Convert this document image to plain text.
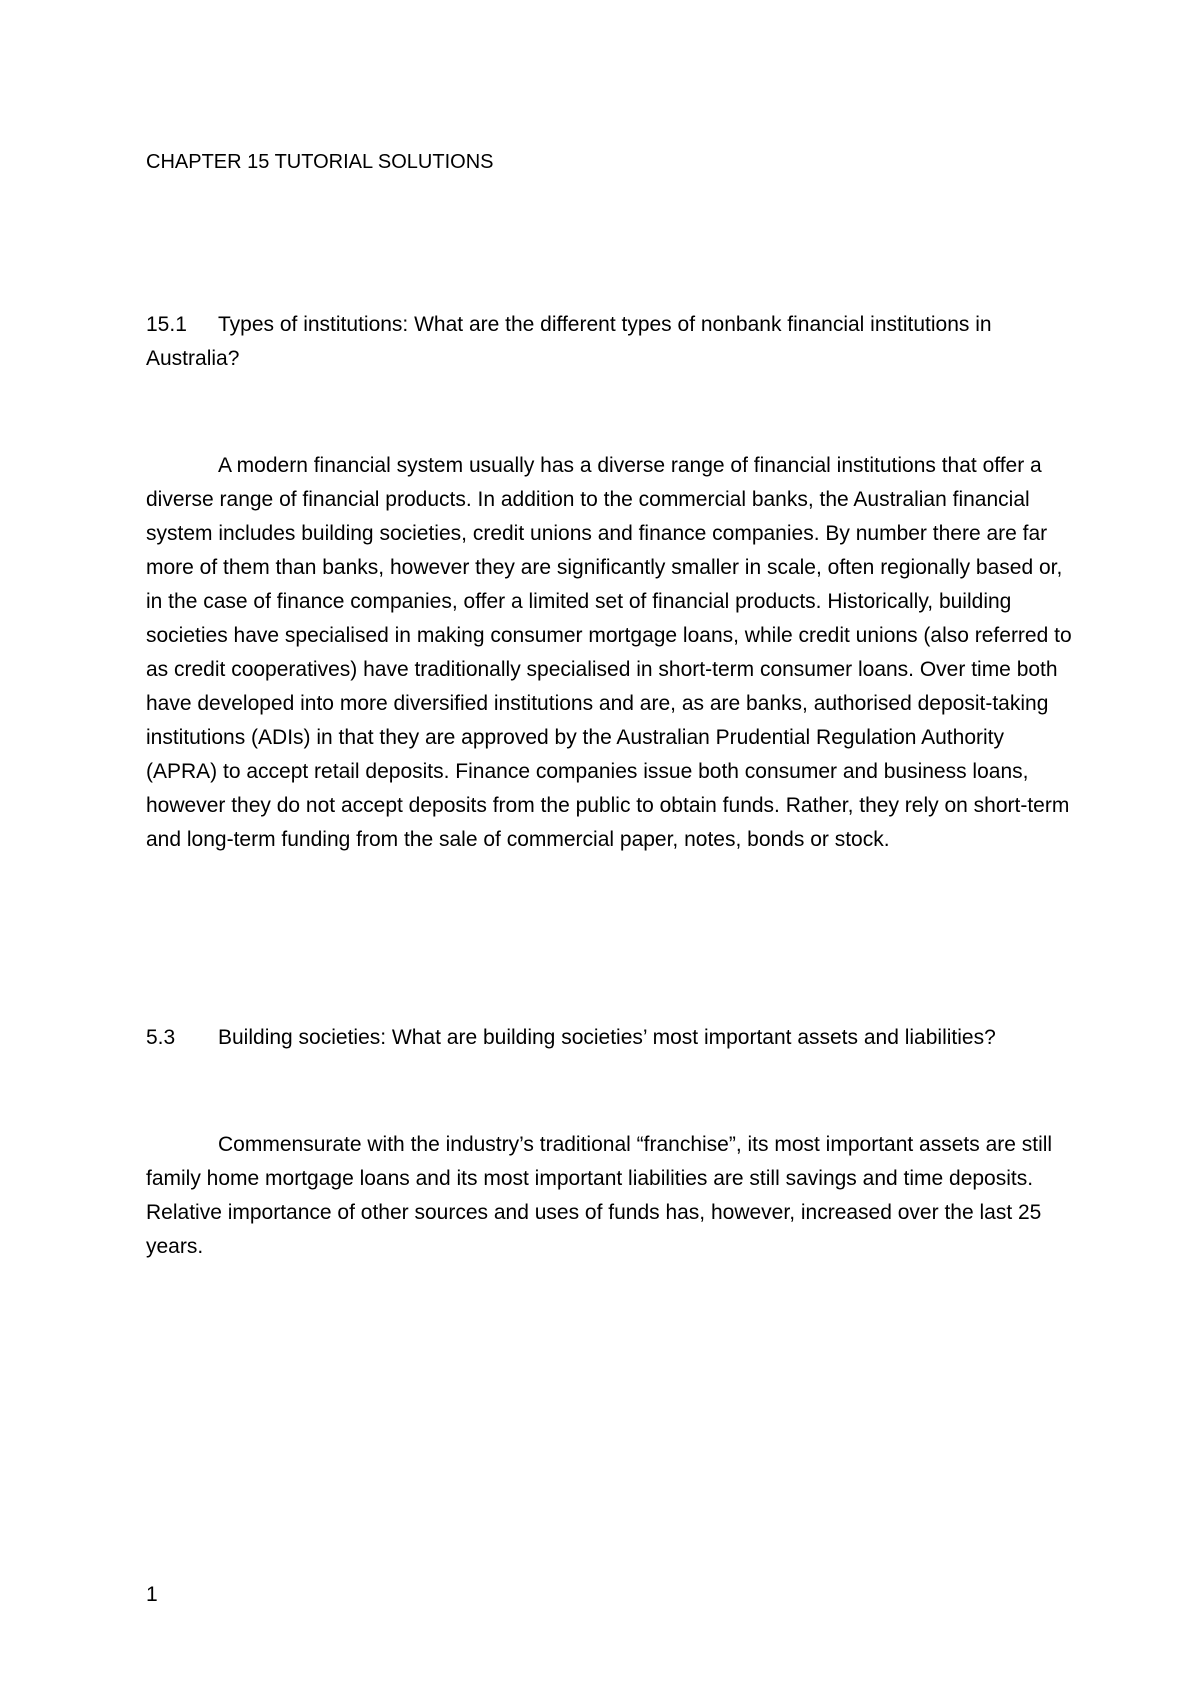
CHAPTER 15 TUTORIAL SOLUTIONS

15.1 Types of institutions: What are the different types of nonbank financial institutions in Australia?

A modern financial system usually has a diverse range of financial institutions that offer a diverse range of financial products. In addition to the commercial banks, the Australian financial system includes building societies, credit unions and finance companies. By number there are far more of them than banks, however they are significantly smaller in scale, often regionally based or, in the case of finance companies, offer a limited set of financial products. Historically, building societies have specialised in making consumer mortgage loans, while credit unions (also referred to as credit cooperatives) have traditionally specialised in short-term consumer loans. Over time both have developed into more diversified institutions and are, as are banks, authorised deposit-taking institutions (ADIs) in that they are approved by the Australian Prudential Regulation Authority (APRA) to accept retail deposits. Finance companies issue both consumer and business loans, however they do not accept deposits from the public to obtain funds. Rather, they rely on short-term and long-term funding from the sale of commercial paper, notes, bonds or stock.

5.3 Building societies: What are building societies’ most important assets and liabilities?

Commensurate with the industry’s traditional “franchise”, its most important assets are still family home mortgage loans and its most important liabilities are still savings and time deposits. Relative importance of other sources and uses of funds has, however, increased over the last 25 years.

1
